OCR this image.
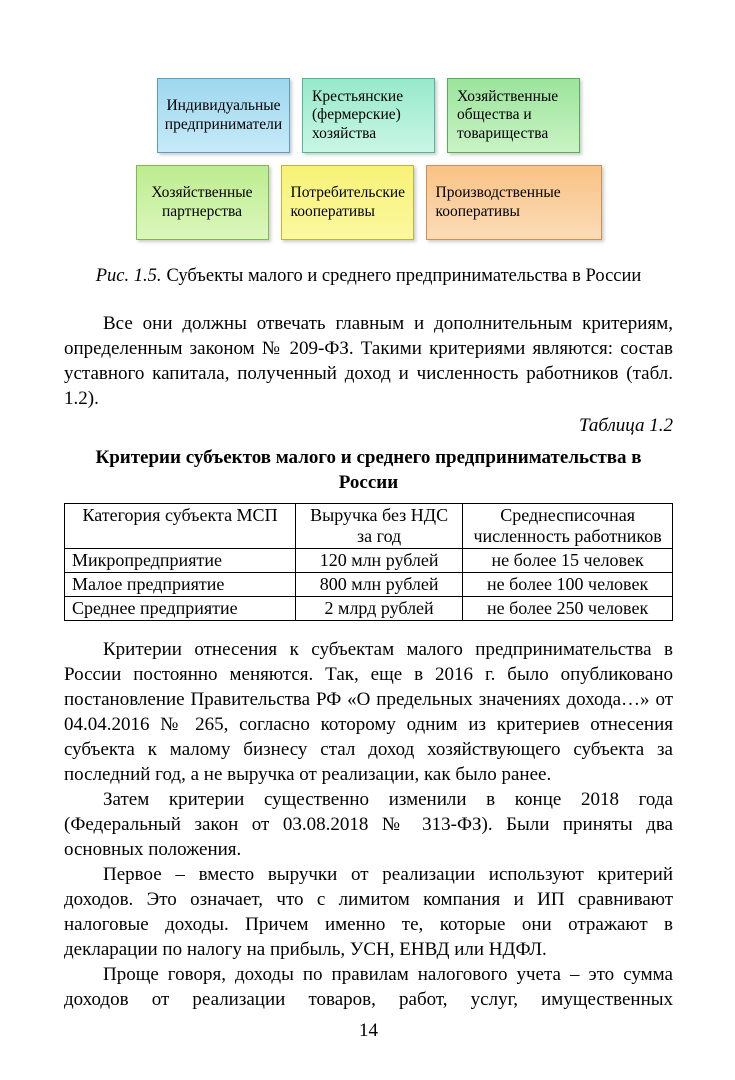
Индивидуальные предприниматели
Крестьянские (фермерские) хозяйства
Хозяйственные общества и товарищества
Хозяйственные партнерства
Потребительские кооперативы
Производственные кооперативы
Рис. 1.5. Субъекты малого и среднего предпринимательства в России

Все они должны отвечать главным и дополнительным критериям, определенным законом № 209-ФЗ. Такими критериями являются: состав уставного капитала, полученный доход и численность работников (табл. 1.2).

Таблица 1.2
Критерии субъектов малого и среднего предпринимательства в России
Категория субъекта МСП	Выручка без НДС за год	Среднесписочная численность работников
Микропредприятие	120 млн рублей	не более 15 человек
Малое предприятие	800 млн рублей	не более 100 человек
Среднее предприятие	2 млрд рублей	не более 250 человек

Критерии отнесения к субъектам малого предпринимательства в России постоянно меняются. Так, еще в 2016 г. было опубликовано постановление Правительства РФ «О предельных значениях дохода…» от 04.04.2016 № 265, согласно которому одним из критериев отнесения субъекта к малому бизнесу стал доход хозяйствующего субъекта за последний год, а не выручка от реализации, как было ранее.

Затем критерии существенно изменили в конце 2018 года (Федеральный закон от 03.08.2018 № 313-ФЗ). Были приняты два основных положения.

Первое – вместо выручки от реализации используют критерий доходов. Это означает, что с лимитом компания и ИП сравнивают налоговые доходы. Причем именно те, которые они отражают в декларации по налогу на прибыль, УСН, ЕНВД или НДФЛ.

Проще говоря, доходы по правилам налогового учета – это сумма доходов от реализации товаров, работ, услуг, имущественных

14
